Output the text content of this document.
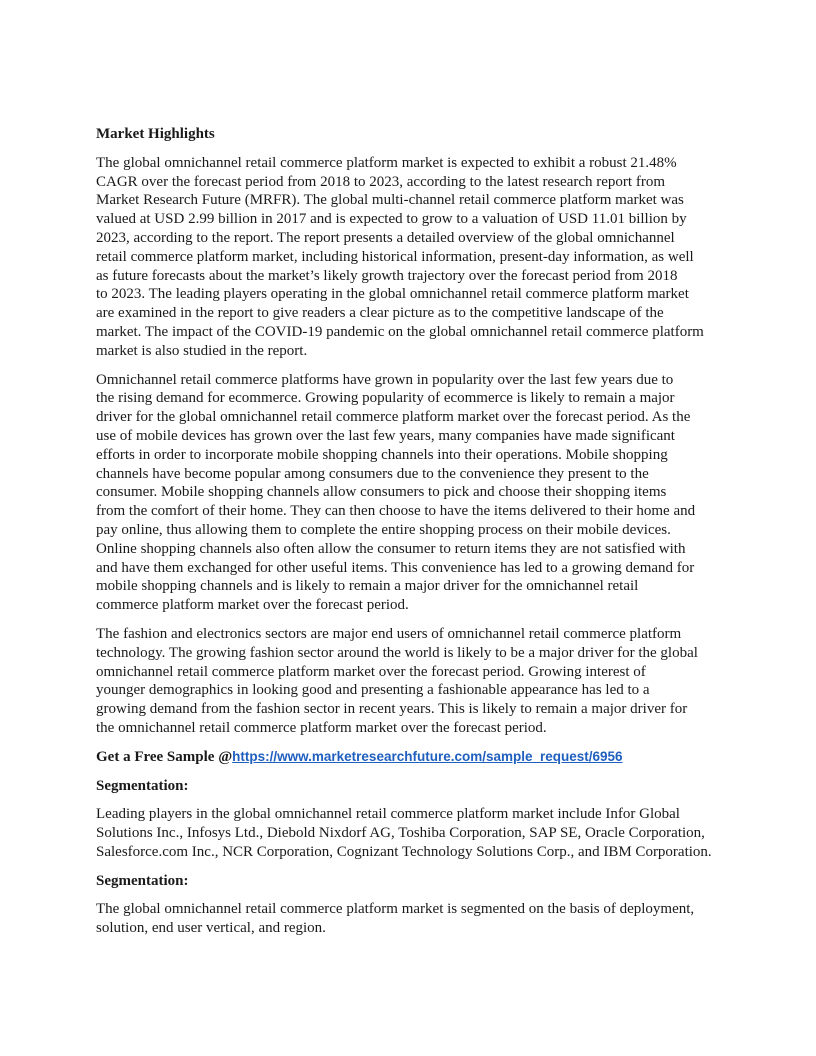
Market Highlights
The global omnichannel retail commerce platform market is expected to exhibit a robust 21.48%
CAGR over the forecast period from 2018 to 2023, according to the latest research report from
Market Research Future (MRFR). The global multi-channel retail commerce platform market was
valued at USD 2.99 billion in 2017 and is expected to grow to a valuation of USD 11.01 billion by
2023, according to the report. The report presents a detailed overview of the global omnichannel
retail commerce platform market, including historical information, present-day information, as well
as future forecasts about the market’s likely growth trajectory over the forecast period from 2018
to 2023. The leading players operating in the global omnichannel retail commerce platform market
are examined in the report to give readers a clear picture as to the competitive landscape of the
market. The impact of the COVID-19 pandemic on the global omnichannel retail commerce platform
market is also studied in the report.
Omnichannel retail commerce platforms have grown in popularity over the last few years due to
the rising demand for ecommerce. Growing popularity of ecommerce is likely to remain a major
driver for the global omnichannel retail commerce platform market over the forecast period. As the
use of mobile devices has grown over the last few years, many companies have made significant
efforts in order to incorporate mobile shopping channels into their operations. Mobile shopping
channels have become popular among consumers due to the convenience they present to the
consumer. Mobile shopping channels allow consumers to pick and choose their shopping items
from the comfort of their home. They can then choose to have the items delivered to their home and
pay online, thus allowing them to complete the entire shopping process on their mobile devices.
Online shopping channels also often allow the consumer to return items they are not satisfied with
and have them exchanged for other useful items. This convenience has led to a growing demand for
mobile shopping channels and is likely to remain a major driver for the omnichannel retail
commerce platform market over the forecast period.
The fashion and electronics sectors are major end users of omnichannel retail commerce platform
technology. The growing fashion sector around the world is likely to be a major driver for the global
omnichannel retail commerce platform market over the forecast period. Growing interest of
younger demographics in looking good and presenting a fashionable appearance has led to a
growing demand from the fashion sector in recent years. This is likely to remain a major driver for
the omnichannel retail commerce platform market over the forecast period.
Get a Free Sample @https://www.marketresearchfuture.com/sample_request/6956
Segmentation:
Leading players in the global omnichannel retail commerce platform market include Infor Global
Solutions Inc., Infosys Ltd., Diebold Nixdorf AG, Toshiba Corporation, SAP SE, Oracle Corporation,
Salesforce.com Inc., NCR Corporation, Cognizant Technology Solutions Corp., and IBM Corporation.
Segmentation:
The global omnichannel retail commerce platform market is segmented on the basis of deployment,
solution, end user vertical, and region.
